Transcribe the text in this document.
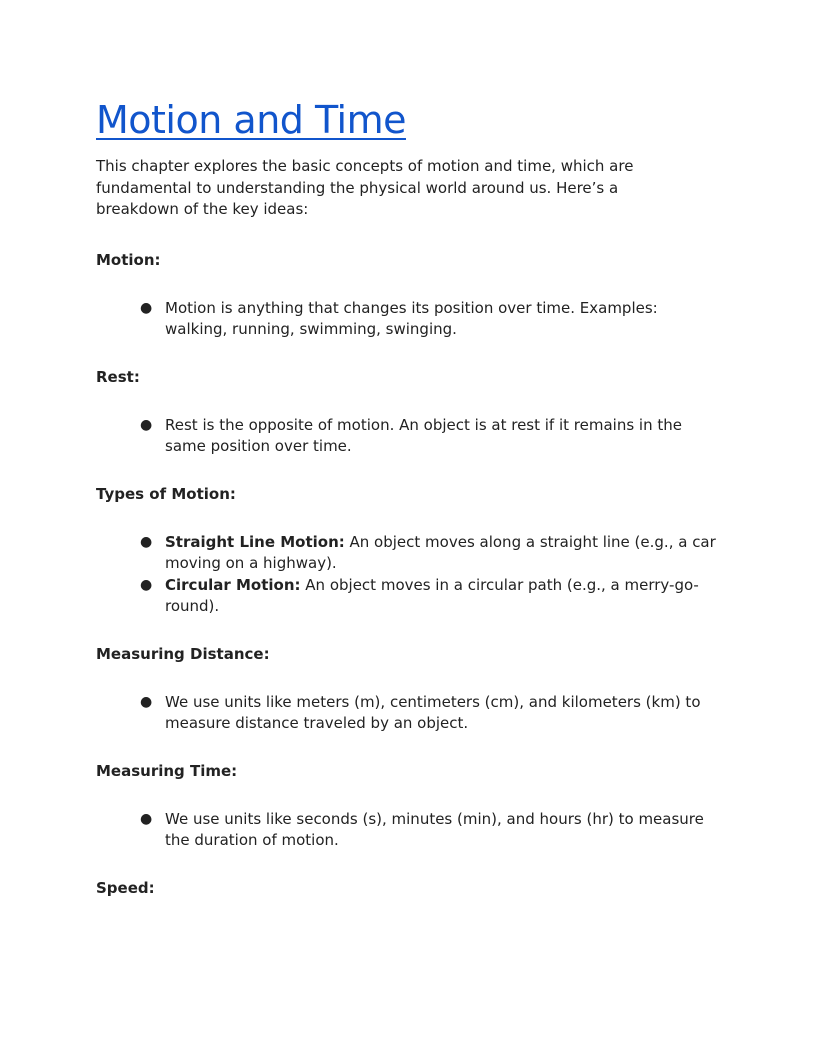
Motion and Time

This chapter explores the basic concepts of motion and time, which are fundamental to understanding the physical world around us. Here’s a breakdown of the key ideas:

Motion:

● Motion is anything that changes its position over time. Examples: walking, running, swimming, swinging.

Rest:

● Rest is the opposite of motion. An object is at rest if it remains in the same position over time.

Types of Motion:

● Straight Line Motion: An object moves along a straight line (e.g., a car moving on a highway).
● Circular Motion: An object moves in a circular path (e.g., a merry-go-round).

Measuring Distance:

● We use units like meters (m), centimeters (cm), and kilometers (km) to measure distance traveled by an object.

Measuring Time:

● We use units like seconds (s), minutes (min), and hours (hr) to measure the duration of motion.

Speed:
